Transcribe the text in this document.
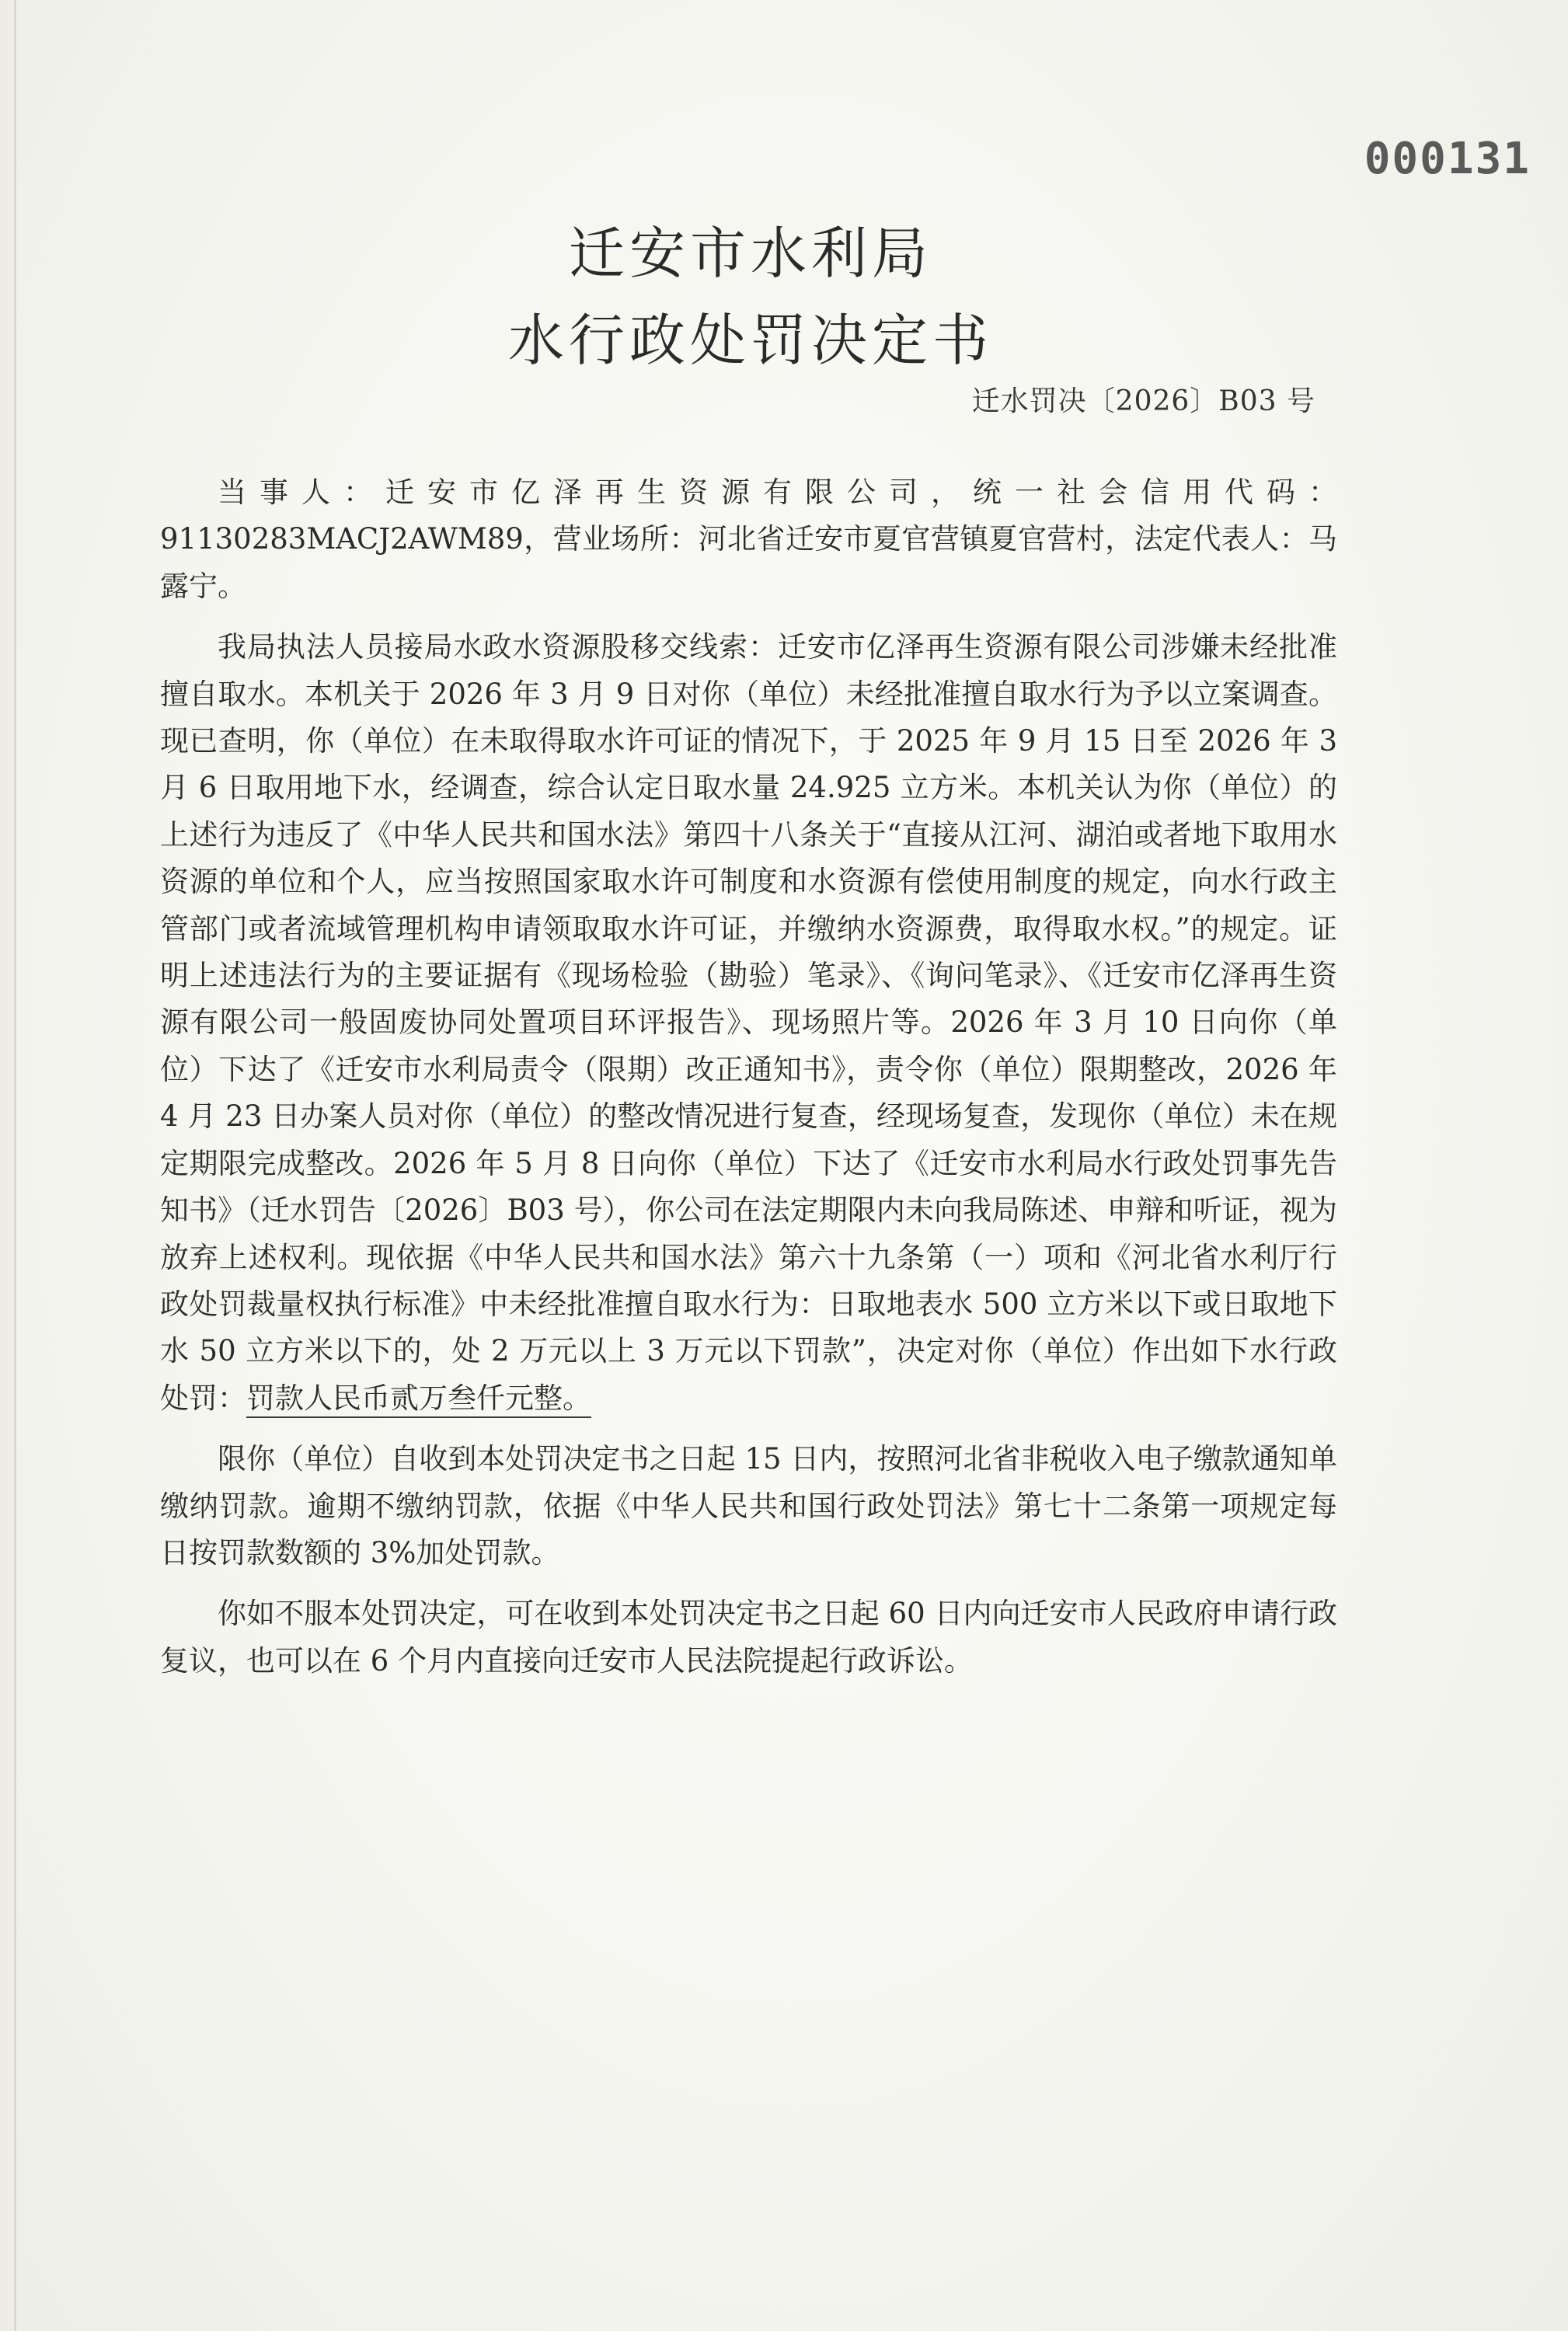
000131
迁安市水利局
水行政处罚决定书
迁水罚决〔2026〕B03 号

当事人：迁安市亿泽再生资源有限公司，统一社会信用代码：91130283MACJ2AWM89，营业场所：河北省迁安市夏官营镇夏官营村，法定代表人：马露宁。

我局执法人员接局水政水资源股移交线索：迁安市亿泽再生资源有限公司涉嫌未经批准擅自取水。本机关于 2026 年 3 月 9 日对你（单位）未经批准擅自取水行为予以立案调查。现已查明，你（单位）在未取得取水许可证的情况下，于 2025 年 9 月 15 日至 2026 年 3 月 6 日取用地下水，经调查，综合认定日取水量 24.925 立方米。本机关认为你（单位）的上述行为违反了《中华人民共和国水法》第四十八条关于“直接从江河、湖泊或者地下取用水资源的单位和个人，应当按照国家取水许可制度和水资源有偿使用制度的规定，向水行政主管部门或者流域管理机构申请领取取水许可证，并缴纳水资源费，取得取水权。”的规定。证明上述违法行为的主要证据有《现场检验（勘验）笔录》、《询问笔录》、《迁安市亿泽再生资源有限公司一般固废协同处置项目环评报告》、现场照片等。2026 年 3 月 10 日向你（单位）下达了《迁安市水利局责令（限期）改正通知书》，责令你（单位）限期整改，2026 年 4 月 23 日办案人员对你（单位）的整改情况进行复查，经现场复查，发现你（单位）未在规定期限完成整改。2026 年 5 月 8 日向你（单位）下达了《迁安市水利局水行政处罚事先告知书》（迁水罚告〔2026〕B03 号），你公司在法定期限内未向我局陈述、申辩和听证，视为放弃上述权利。现依据《中华人民共和国水法》第六十九条第（一）项和《河北省水利厅行政处罚裁量权执行标准》中未经批准擅自取水行为：日取地表水 500 立方米以下或日取地下水 50 立方米以下的，处 2 万元以上 3 万元以下罚款”，决定对你（单位）作出如下水行政处罚：罚款人民币贰万叁仟元整。

限你（单位）自收到本处罚决定书之日起 15 日内，按照河北省非税收入电子缴款通知单缴纳罚款。逾期不缴纳罚款，依据《中华人民共和国行政处罚法》第七十二条第一项规定每日按罚款数额的 3%加处罚款。

你如不服本处罚决定，可在收到本处罚决定书之日起 60 日内向迁安市人民政府申请行政复议，也可以在 6 个月内直接向迁安市人民法院提起行政诉讼。
